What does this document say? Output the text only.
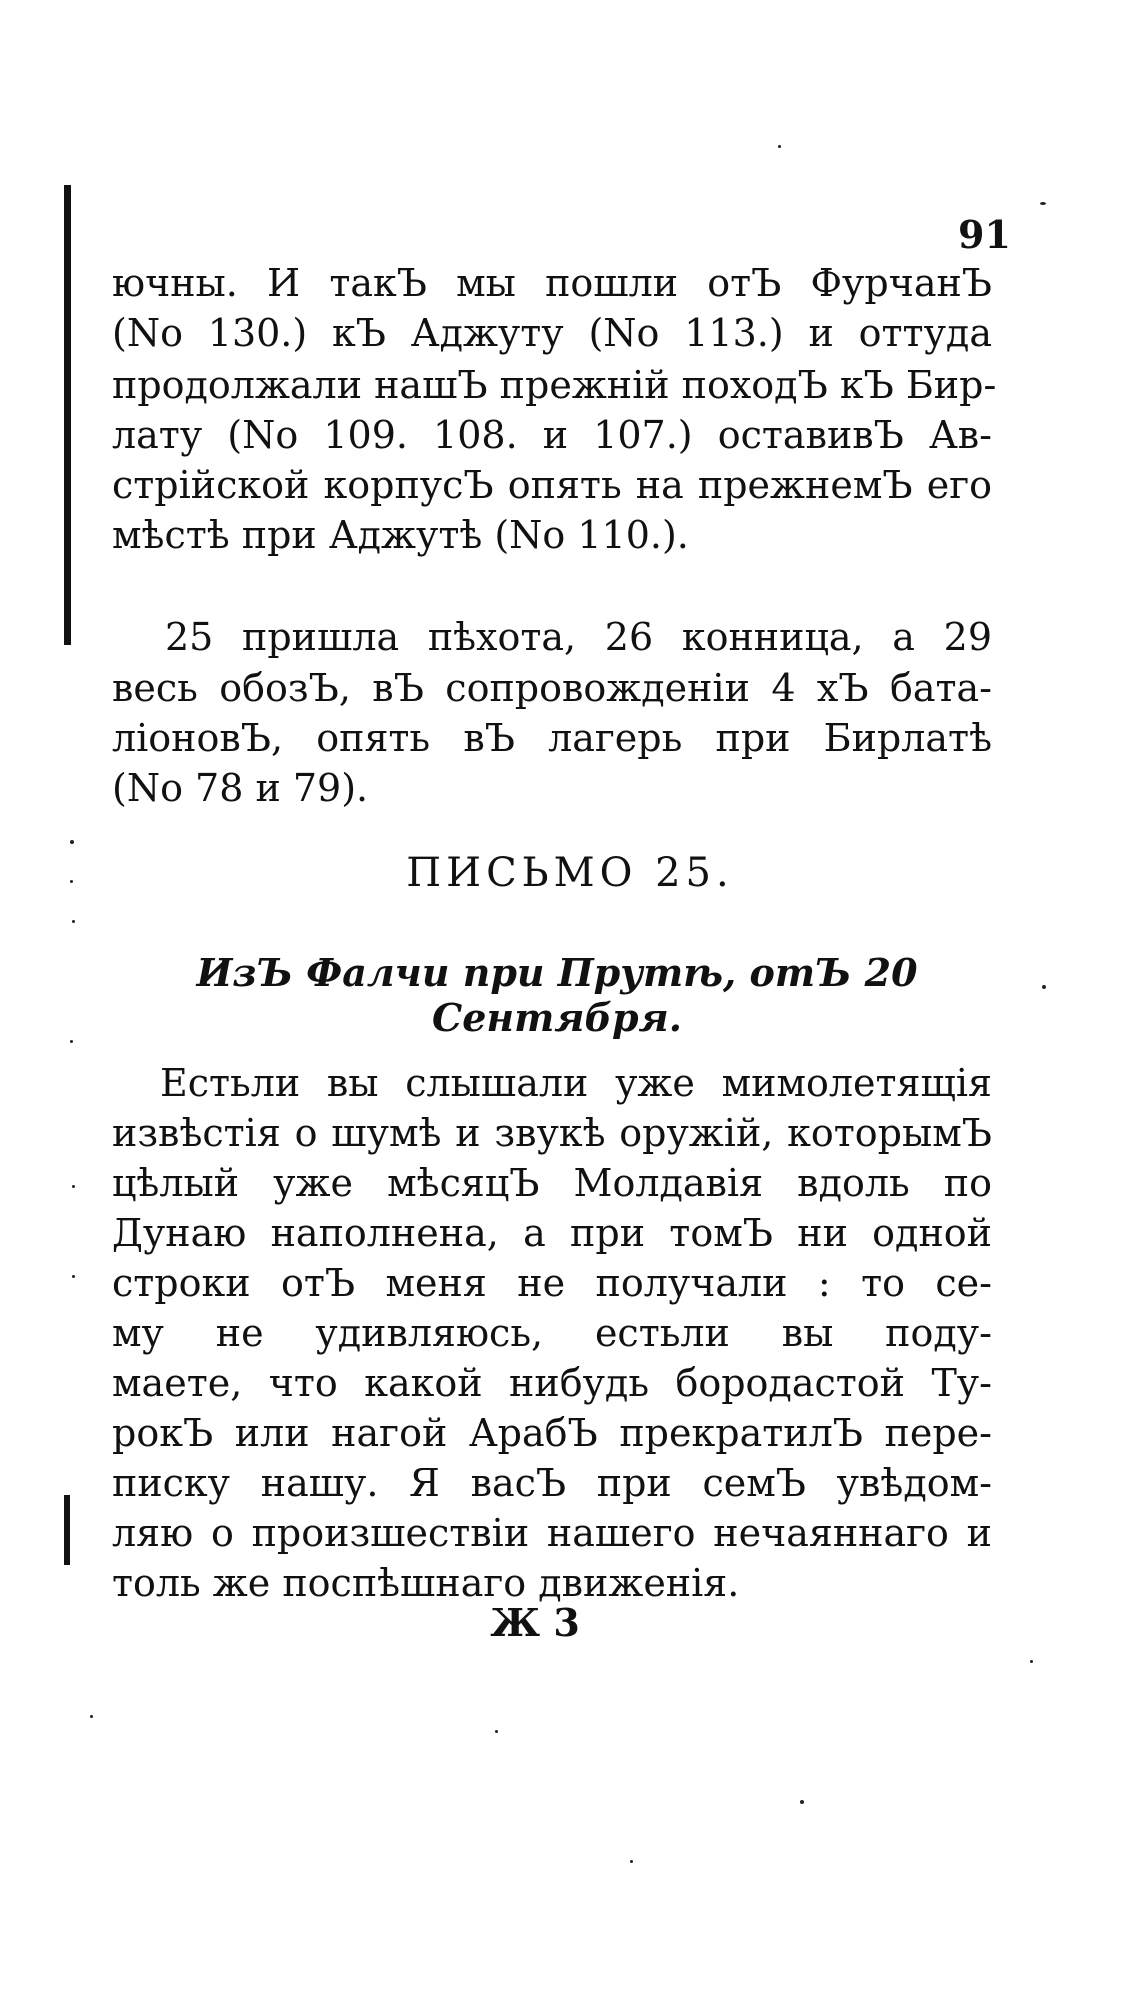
91
ючны. И такЪ мы пошли отЪ ФурчанЪ
(No 130.) кЪ Аджуту (No 113.) и оттуда
продолжали нашЪ прежній походЪ кЪ Бир-
лату (No 109. 108. и 107.) оставивЪ Ав-
стрійской корпусЪ опять на прежнемЪ его
мѣстѣ при Аджутѣ (No 110.).
25 пришла пѣхота, 26 конница, а 29
весь обозЪ, вЪ сопровожденіи 4 хЪ бата-
ліоновЪ, опять вЪ лагерь при Бирлатѣ
(No 78 и 79).
ПИСЬМО 25.
ИзЪ Фалчи при Прутѣ, отЪ 20 Сентября.
Естьли вы слышали уже мимолетящія
извѣстія о шумѣ и звукѣ оружій, которымЪ
цѣлый уже мѣсяцЪ Молдавія вдоль по
Дунаю наполнена, а при томЪ ни одной
строки отЪ меня не получали : то се-
му не удивляюсь, естьли вы поду-
маете, что какой нибудь бородастой Ту-
рокЪ или нагой АрабЪ прекратилЪ пере-
писку нашу. Я васЪ при семЪ увѣдом-
ляю о произшествіи нашего нечаяннаго и
толь же поспѣшнаго движенія.
Ж 3
